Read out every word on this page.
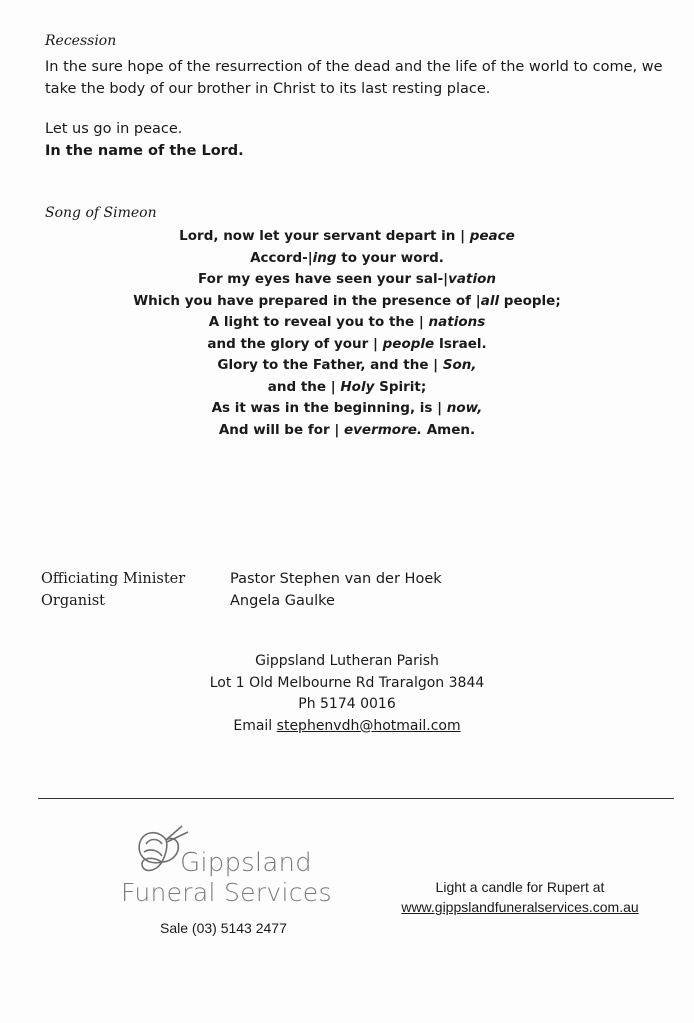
Recession
In the sure hope of the resurrection of the dead and the life of the world to come, we
take the body of our brother in Christ to its last resting place.
Let us go in peace.
In the name of the Lord.
Song of Simeon
Lord, now let your servant depart in | peace
Accord-|ing to your word.
For my eyes have seen your sal-|vation
Which you have prepared in the presence of |all people;
A light to reveal you to the | nations
and the glory of your | people Israel.
Glory to the Father, and the | Son,
and the | Holy Spirit;
As it was in the beginning, is | now,
And will be for | evermore. Amen.
Officiating Minister	Pastor Stephen van der Hoek
Organist	Angela Gaulke
Gippsland Lutheran Parish
Lot 1 Old Melbourne Rd Traralgon 3844
Ph 5174 0016
Email stephenvdh@hotmail.com
Gippsland
Funeral Services
Sale (03) 5143 2477
Light a candle for Rupert at
www.gippslandfuneralservices.com.au
